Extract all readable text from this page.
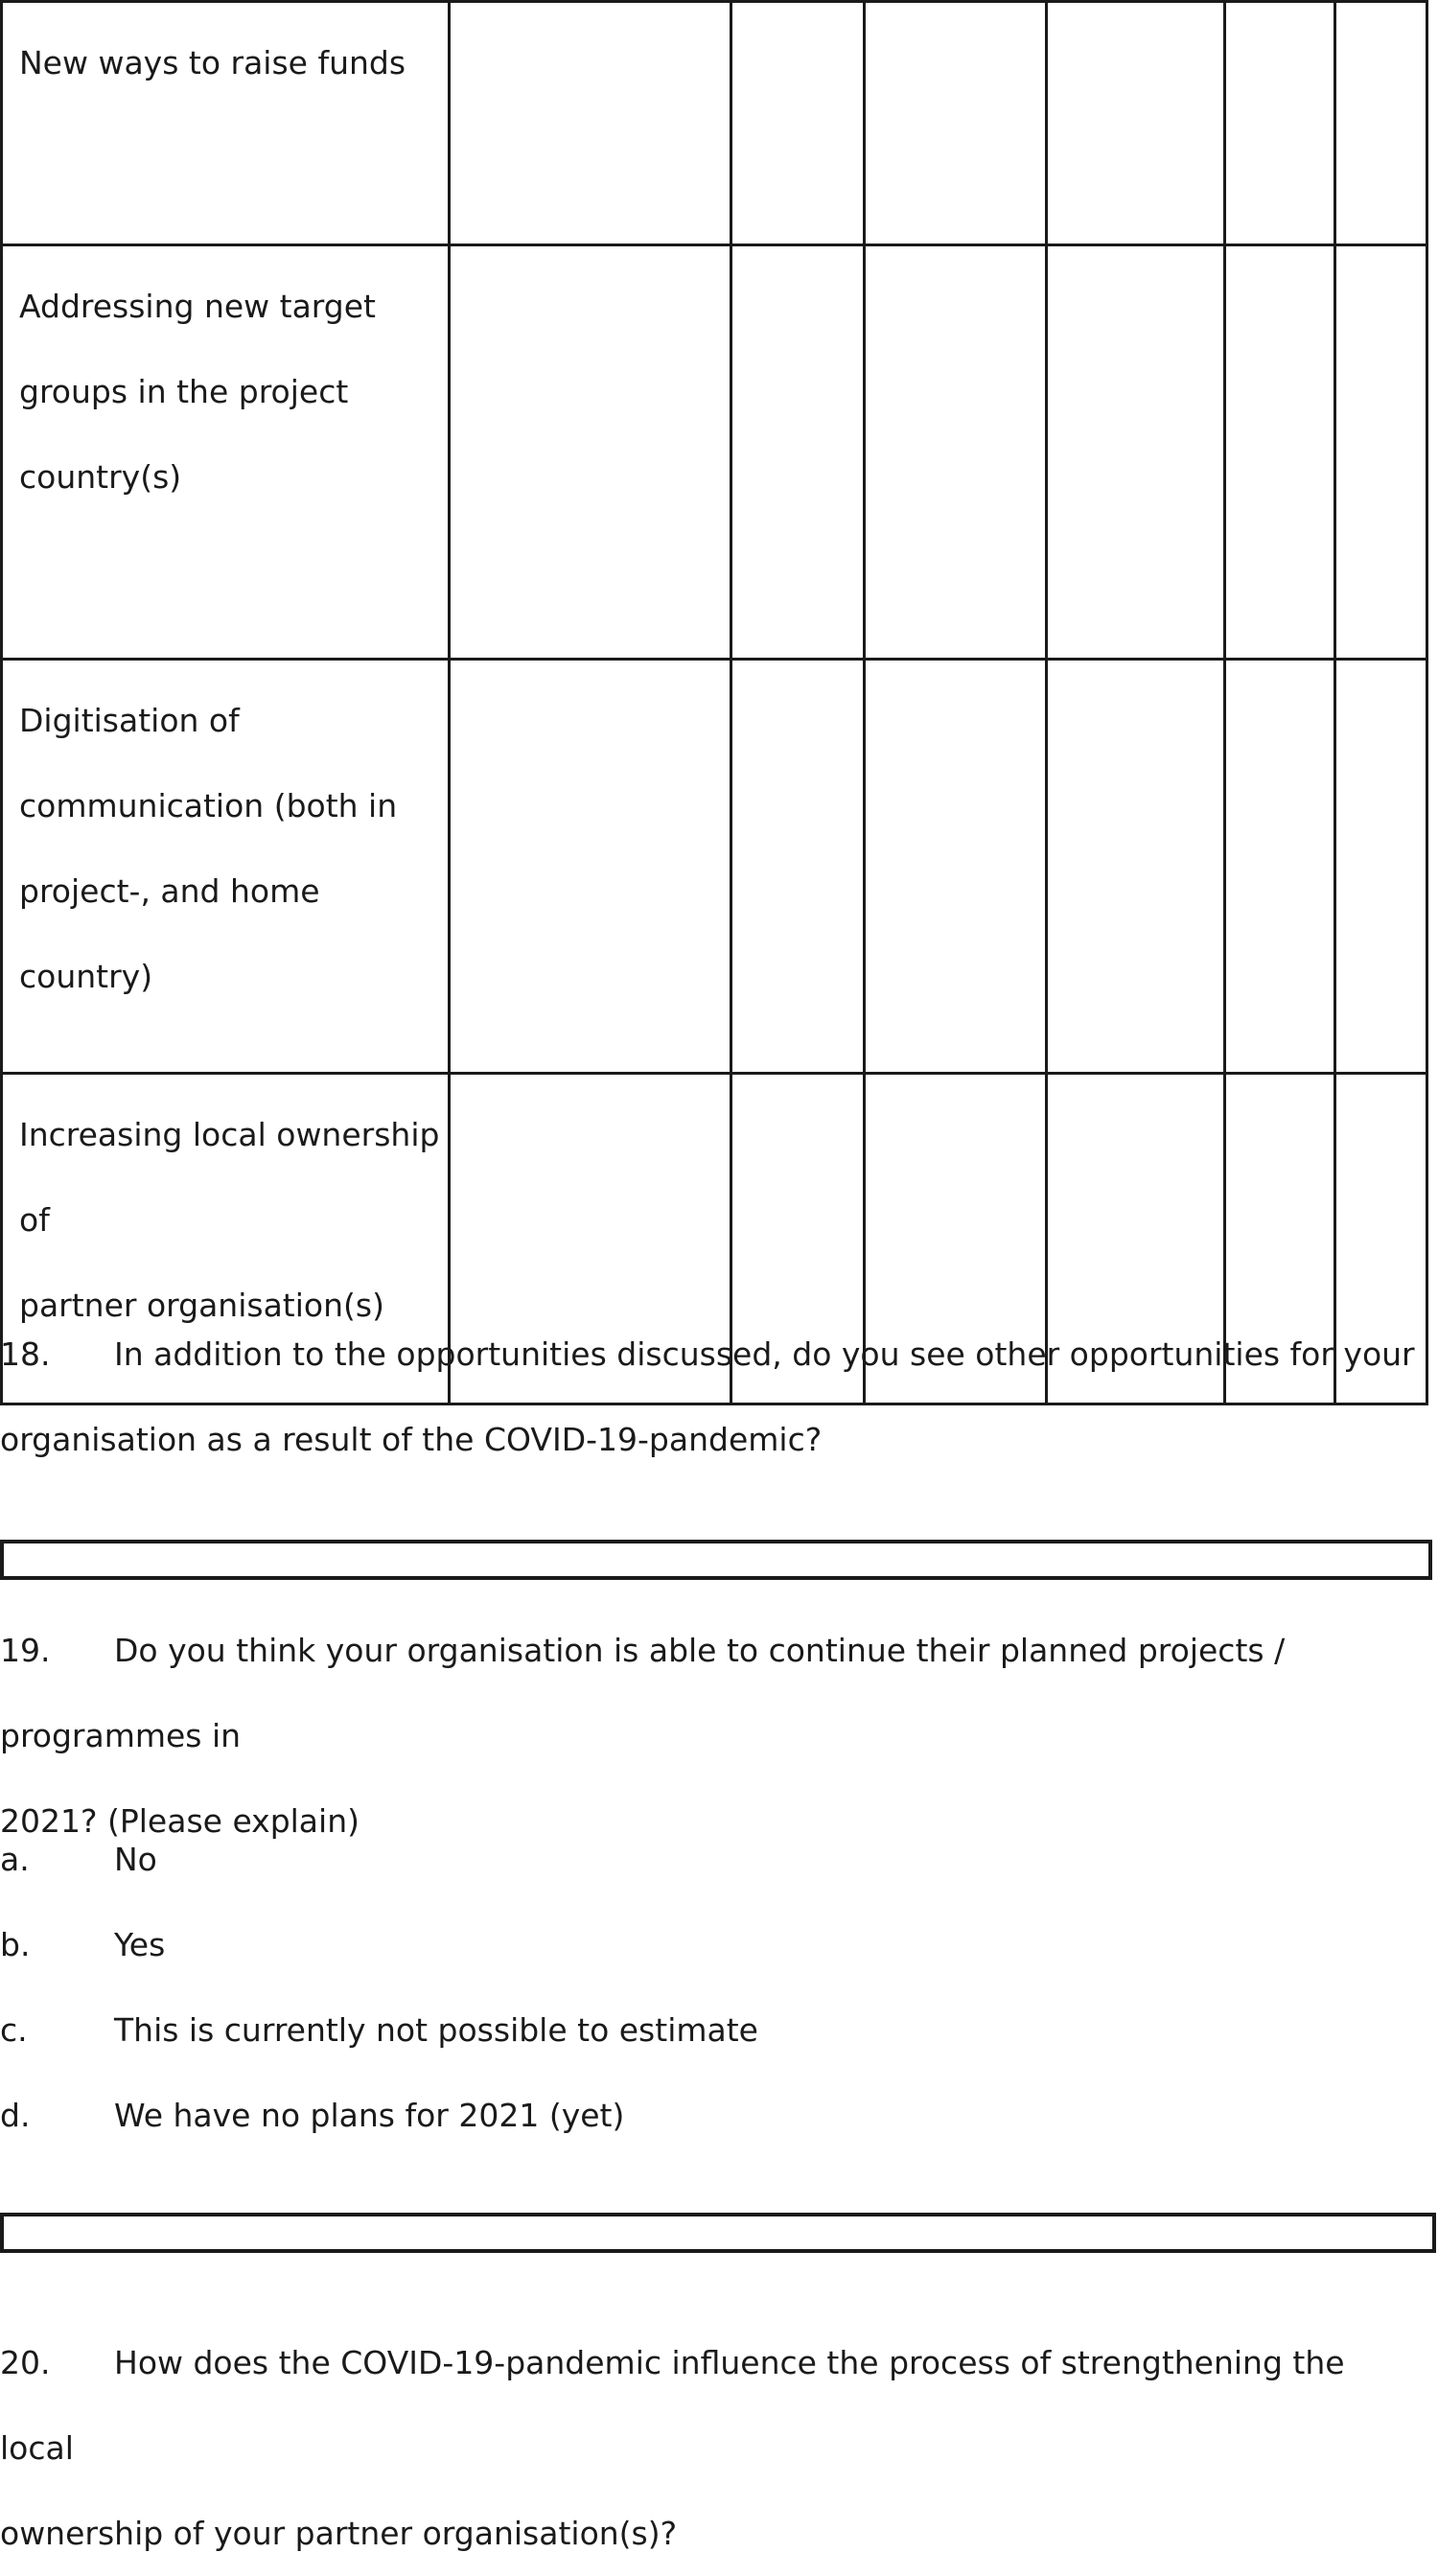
New ways to raise funds						

Addressing new target
groups in the project
country(s)						

Digitisation of
communication (both in
project-, and home country)						

Increasing local ownership of
partner organisation(s)						

18. In addition to the opportunities discussed, do you see other opportunities for your

organisation as a result of the COVID-19-pandemic?

19. Do you think your organisation is able to continue their planned projects / programmes in

2021? (Please explain)

a.	No
b.	Yes
c.	This is currently not possible to estimate
d.	We have no plans for 2021 (yet)

20. How does the COVID-19-pandemic influence the process of strengthening the local

ownership of your partner organisation(s)?
